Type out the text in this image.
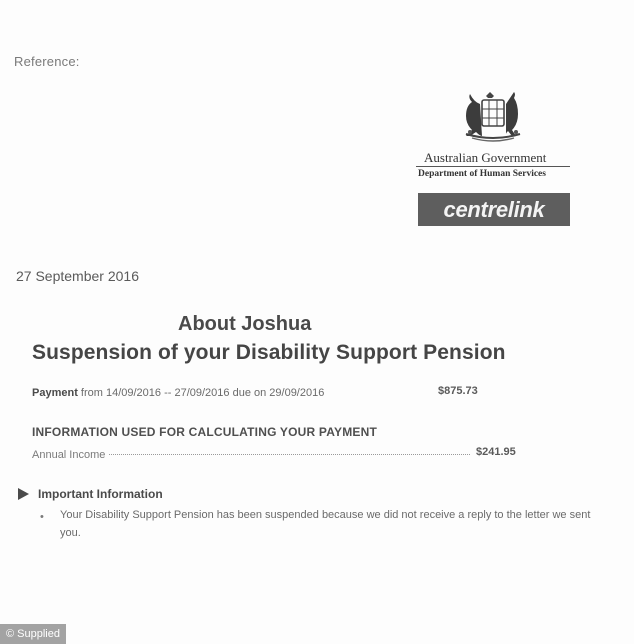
Reference:
Australian Government
Department of Human Services
centrelink
27 September 2016
About Joshua
Suspension of your Disability Support Pension
Payment from 14/09/2016 -- 27/09/2016 due on 29/09/2016	$875.73
INFORMATION USED FOR CALCULATING YOUR PAYMENT
Annual Income	$241.95
Important Information
• Your Disability Support Pension has been suspended because we did not receive a reply to the letter we sent you.
© Supplied
